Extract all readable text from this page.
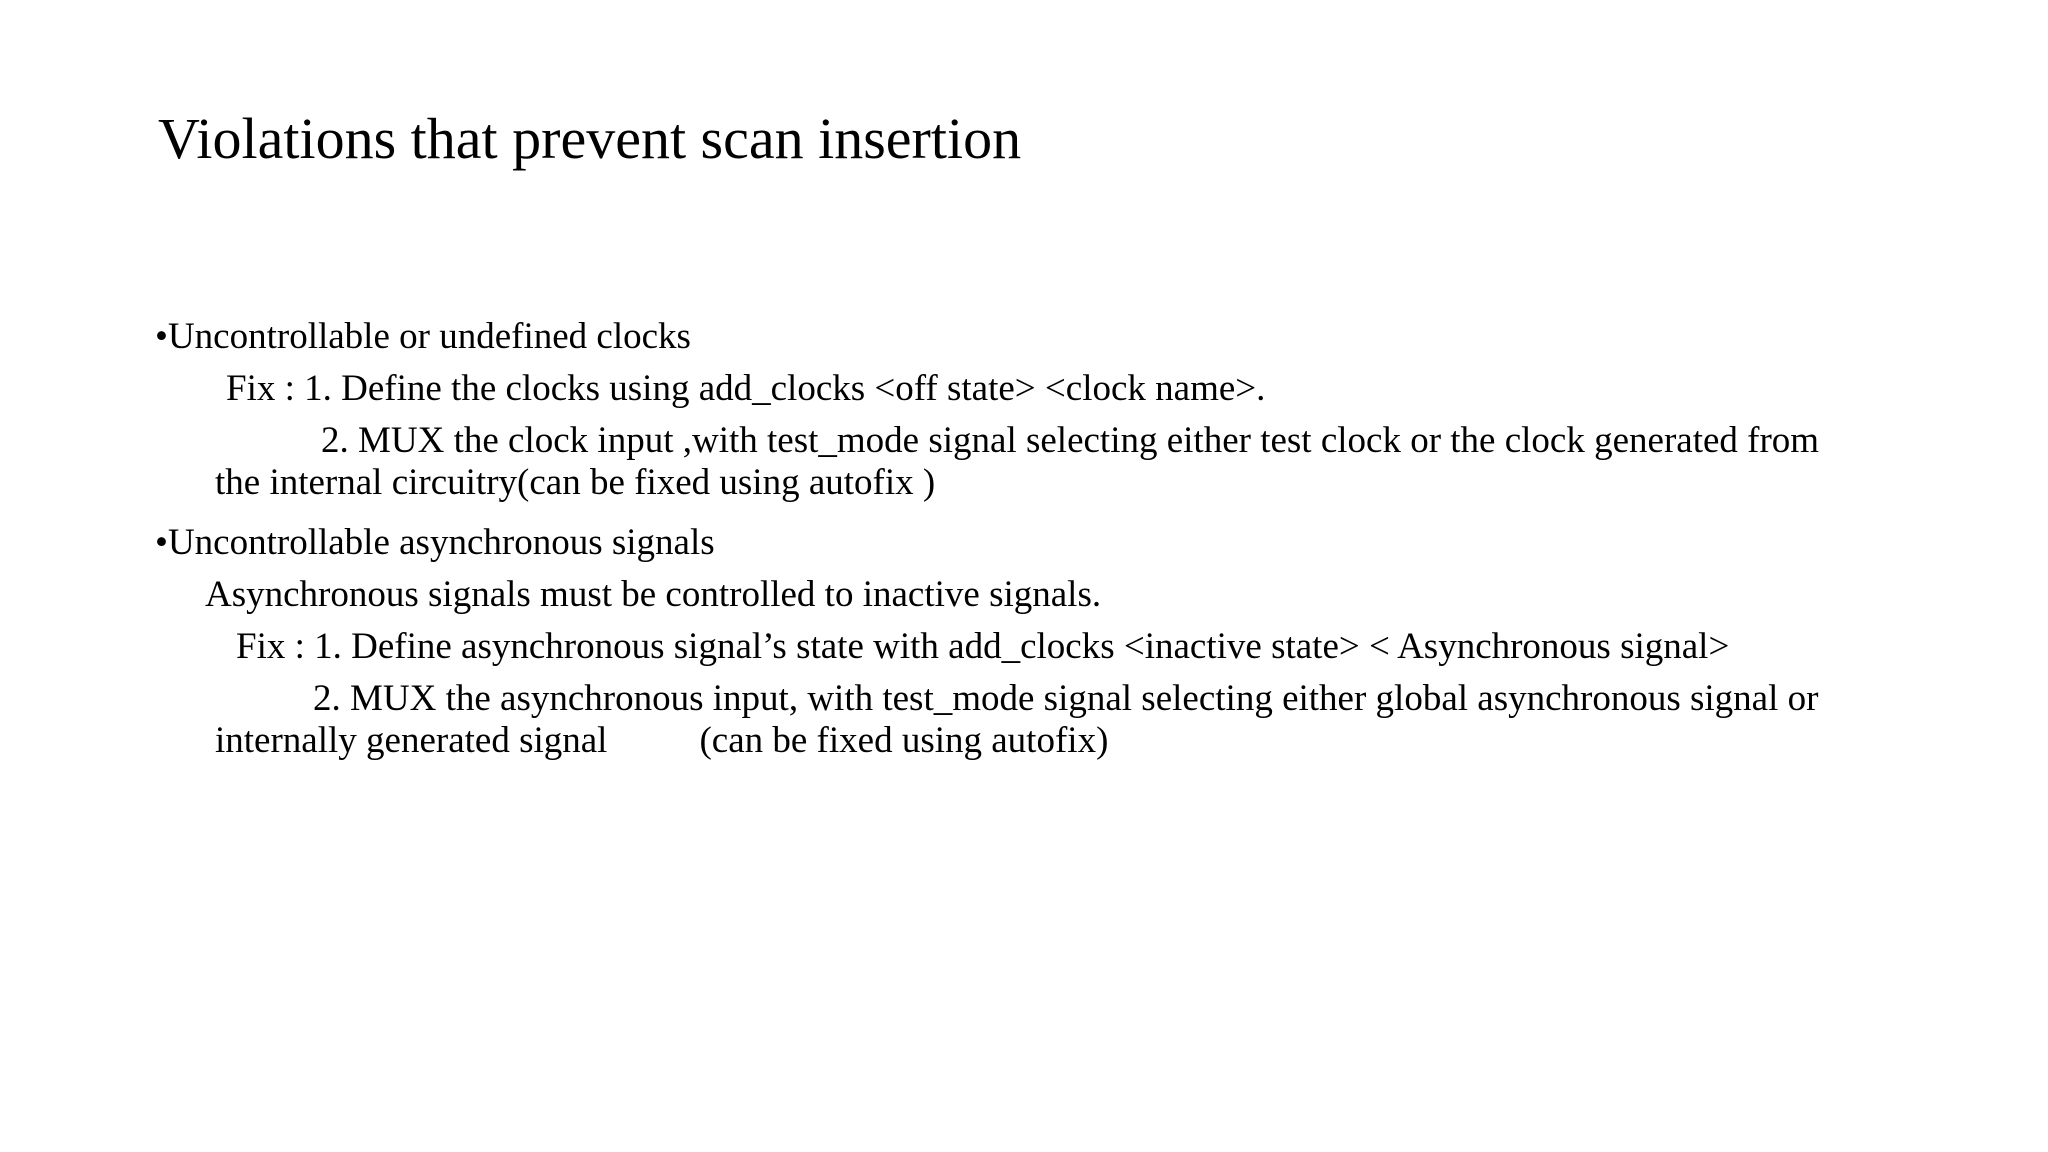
Violations that prevent scan insertion

•Uncontrollable or undefined clocks

Fix : 1. Define the clocks using add_clocks <off state> <clock name>.

2. MUX the clock input ,with test_mode signal selecting either test clock or the clock generated from

the internal circuitry(can be fixed using autofix )

•Uncontrollable asynchronous signals

Asynchronous signals must be controlled to inactive signals.

Fix : 1. Define asynchronous signal’s state with add_clocks <inactive state> < Asynchronous signal>

2. MUX the asynchronous input, with test_mode signal selecting either global asynchronous signal or

internally generated signal (can be fixed using autofix)
